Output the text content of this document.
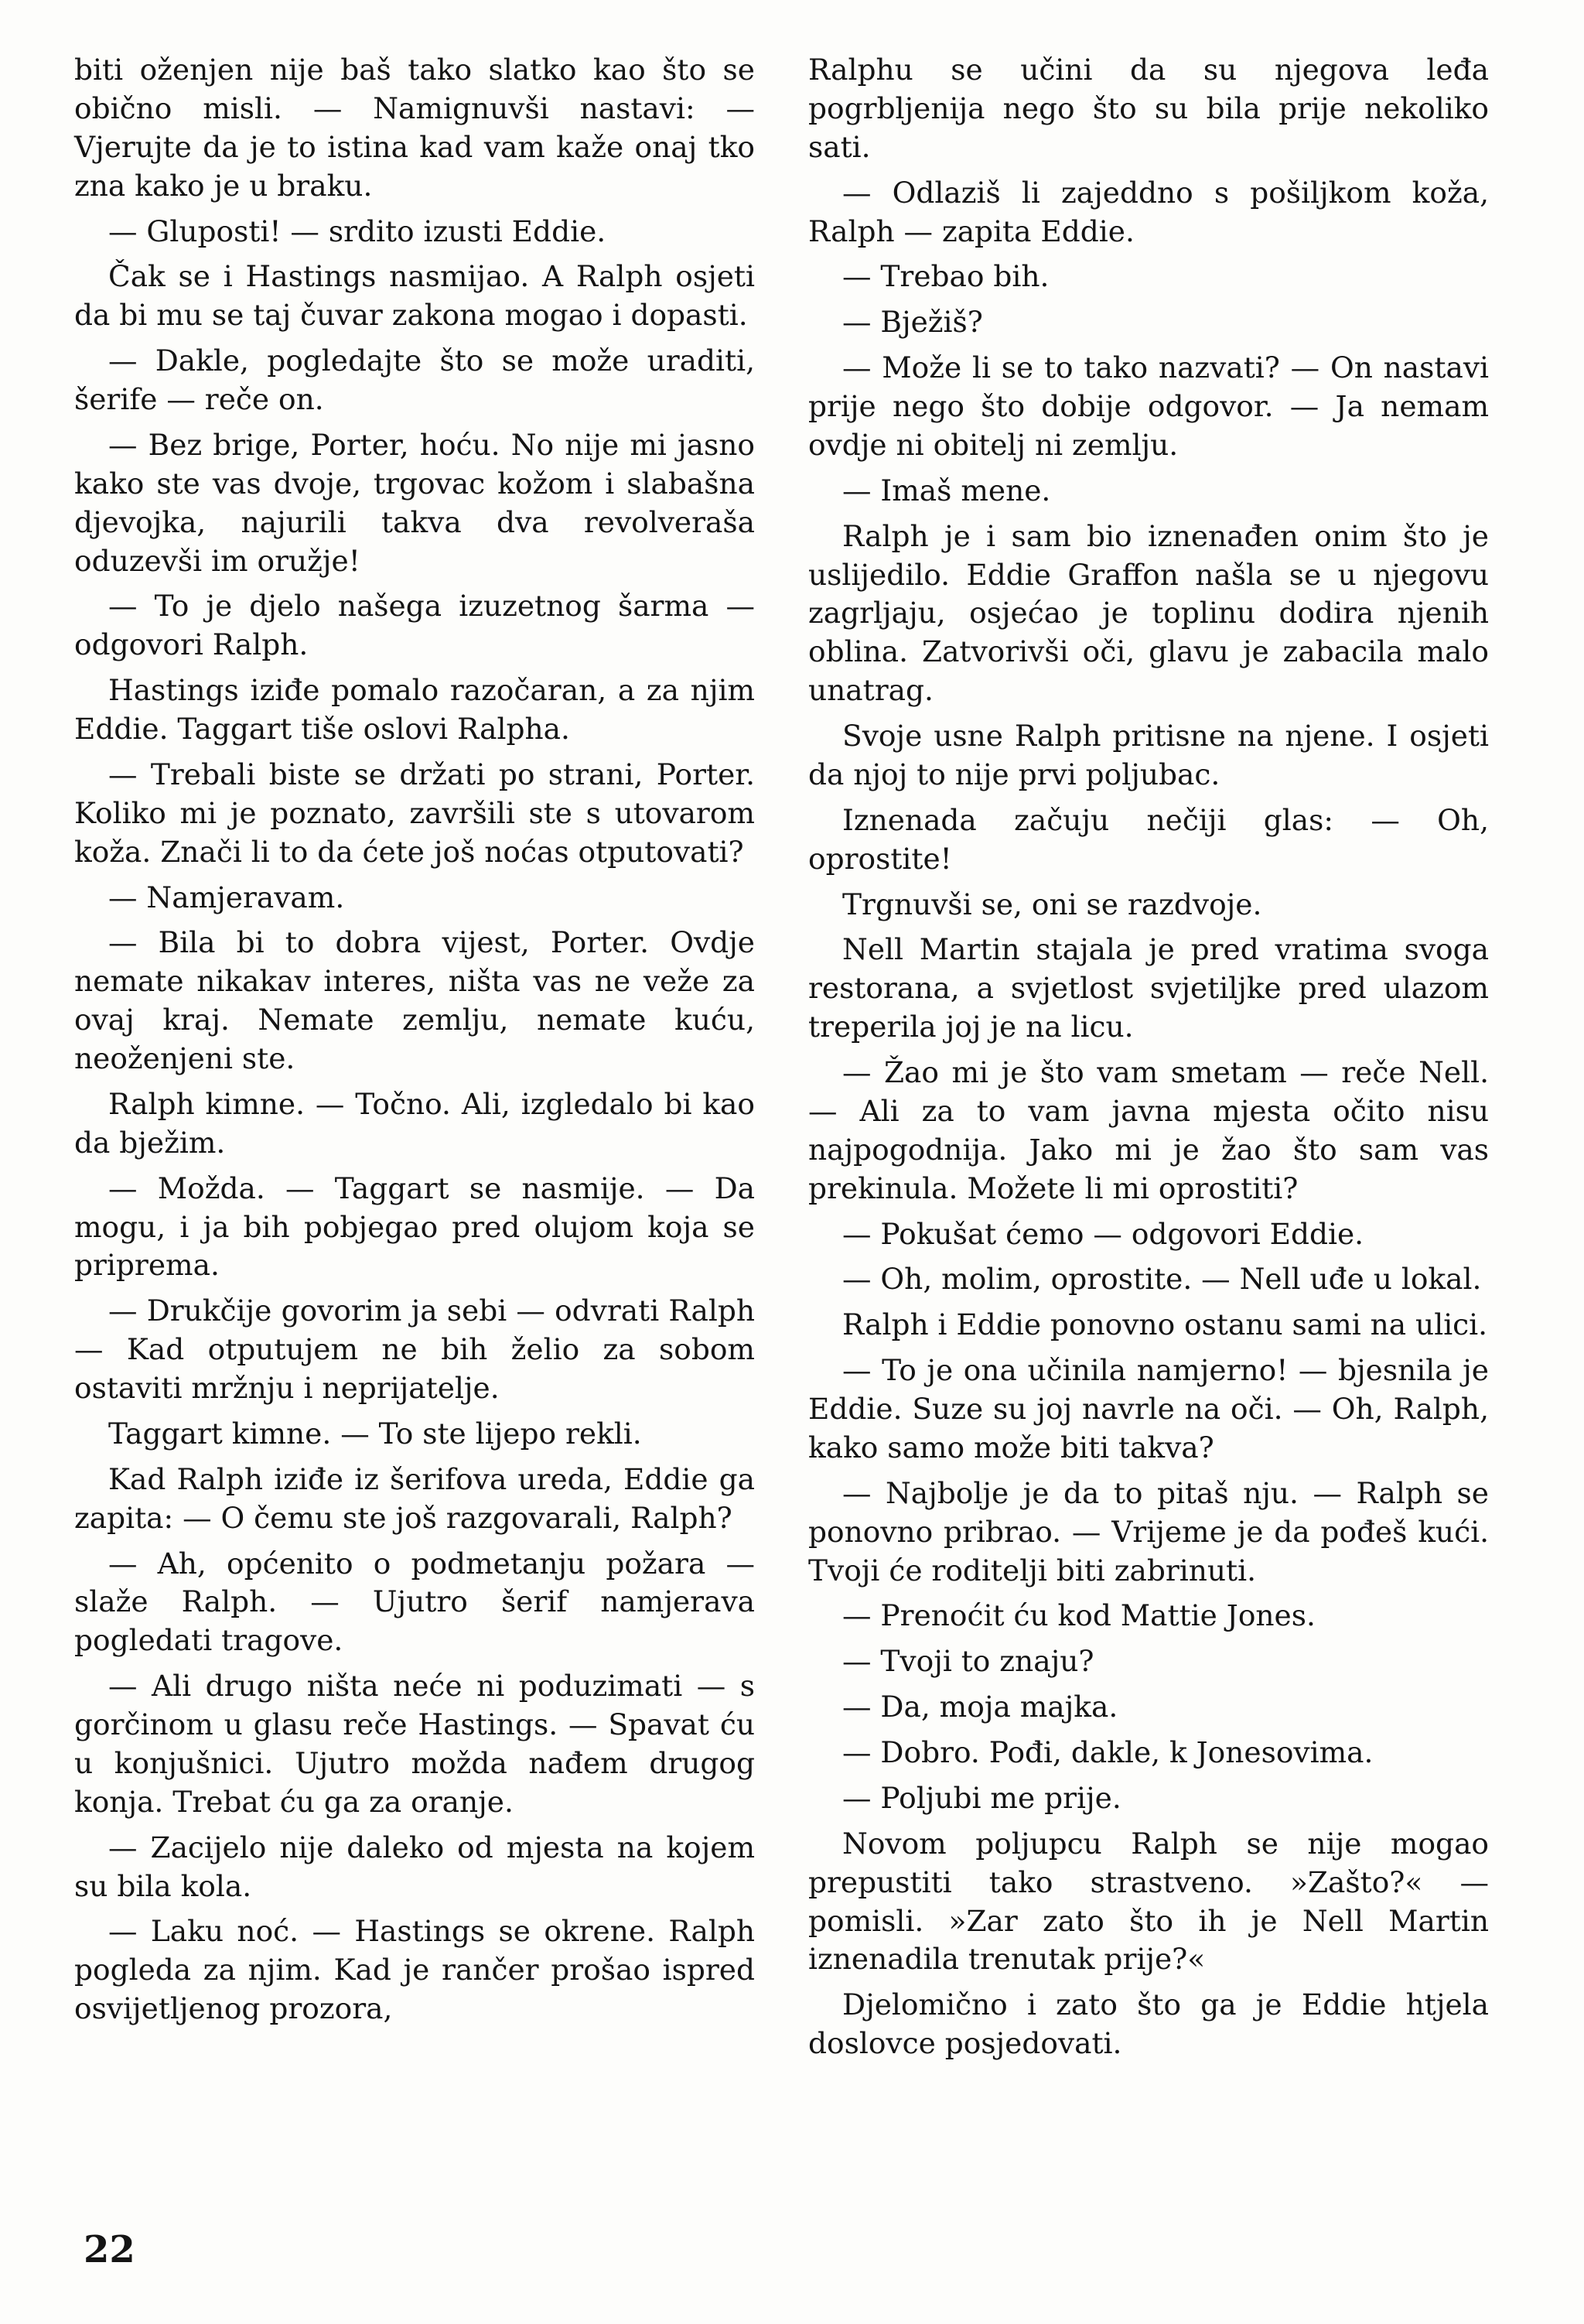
biti oženjen nije baš tako slatko kao što se obično misli. — Namignuvši nastavi: — Vjerujte da je to istina kad vam kaže onaj tko zna kako je u braku.

— Gluposti! — srdito izusti Eddie.

Čak se i Hastings nasmijao. A Ralph osjeti da bi mu se taj čuvar zakona mogao i dopasti.

— Dakle, pogledajte što se može uraditi, šerife — reče on.

— Bez brige, Porter, hoću. No nije mi jasno kako ste vas dvoje, trgovac kožom i slabašna djevojka, najurili takva dva revolveraša oduzevši im oružje!

— To je djelo našega izuzetnog šarma — odgovori Ralph.

Hastings iziđe pomalo razočaran, a za njim Eddie. Taggart tiše oslovi Ralpha.

— Trebali biste se držati po strani, Porter. Koliko mi je poznato, završili ste s utovarom koža. Znači li to da ćete još noćas otputovati?

— Namjeravam.

— Bila bi to dobra vijest, Porter. Ovdje nemate nikakav interes, ništa vas ne veže za ovaj kraj. Nemate zemlju, nemate kuću, neoženjeni ste.

Ralph kimne. — Točno. Ali, izgledalo bi kao da bježim.

— Možda. — Taggart se nasmije. — Da mogu, i ja bih pobjegao pred olujom koja se priprema.

— Drukčije govorim ja sebi — odvrati Ralph — Kad otputujem ne bih želio za sobom ostaviti mržnju i neprijatelje.

Taggart kimne. — To ste lijepo rekli.

Kad Ralph iziđe iz šerifova ureda, Eddie ga zapita: — O čemu ste još razgovarali, Ralph?

— Ah, općenito o podmetanju požara — slaže Ralph. — Ujutro šerif namjerava pogledati tragove.

— Ali drugo ništa neće ni poduzimati — s gorčinom u glasu reče Hastings. — Spavat ću u konjušnici. Ujutro možda nađem drugog konja. Trebat ću ga za oranje.

— Zacijelo nije daleko od mjesta na kojem su bila kola.

— Laku noć. — Hastings se okrene. Ralph pogleda za njim. Kad je rančer prošao ispred osvijetljenog prozora,

Ralphu se učini da su njegova leđa pogrbljenija nego što su bila prije nekoliko sati.

— Odlaziš li zajeddno s pošiljkom koža, Ralph — zapita Eddie.

— Trebao bih.

— Bježiš?

— Može li se to tako nazvati? — On nastavi prije nego što dobije odgovor. — Ja nemam ovdje ni obitelj ni zemlju.

— Imaš mene.

Ralph je i sam bio iznenađen onim što je uslijedilo. Eddie Graffon našla se u njegovu zagrljaju, osjećao je toplinu dodira njenih oblina. Zatvorivši oči, glavu je zabacila malo unatrag.

Svoje usne Ralph pritisne na njene. I osjeti da njoj to nije prvi poljubac.

Iznenada začuju nečiji glas: — Oh, oprostite!

Trgnuvši se, oni se razdvoje.

Nell Martin stajala je pred vratima svoga restorana, a svjetlost svjetiljke pred ulazom treperila joj je na licu.

— Žao mi je što vam smetam — reče Nell. — Ali za to vam javna mjesta očito nisu najpogodnija. Jako mi je žao što sam vas prekinula. Možete li mi oprostiti?

— Pokušat ćemo — odgovori Eddie.

— Oh, molim, oprostite. — Nell uđe u lokal.

Ralph i Eddie ponovno ostanu sami na ulici.

— To je ona učinila namjerno! — bjesnila je Eddie. Suze su joj navrle na oči. — Oh, Ralph, kako samo može biti takva?

— Najbolje je da to pitaš nju. — Ralph se ponovno pribrao. — Vrijeme je da pođeš kući. Tvoji će roditelji biti zabrinuti.

— Prenoćit ću kod Mattie Jones.

— Tvoji to znaju?

— Da, moja majka.

— Dobro. Pođi, dakle, k Jonesovima.

— Poljubi me prije.

Novom poljupcu Ralph se nije mogao prepustiti tako strastveno. »Zašto?« — pomisli. »Zar zato što ih je Nell Martin iznenadila trenutak prije?«

Djelomično i zato što ga je Eddie htjela doslovce posjedovati.

22
